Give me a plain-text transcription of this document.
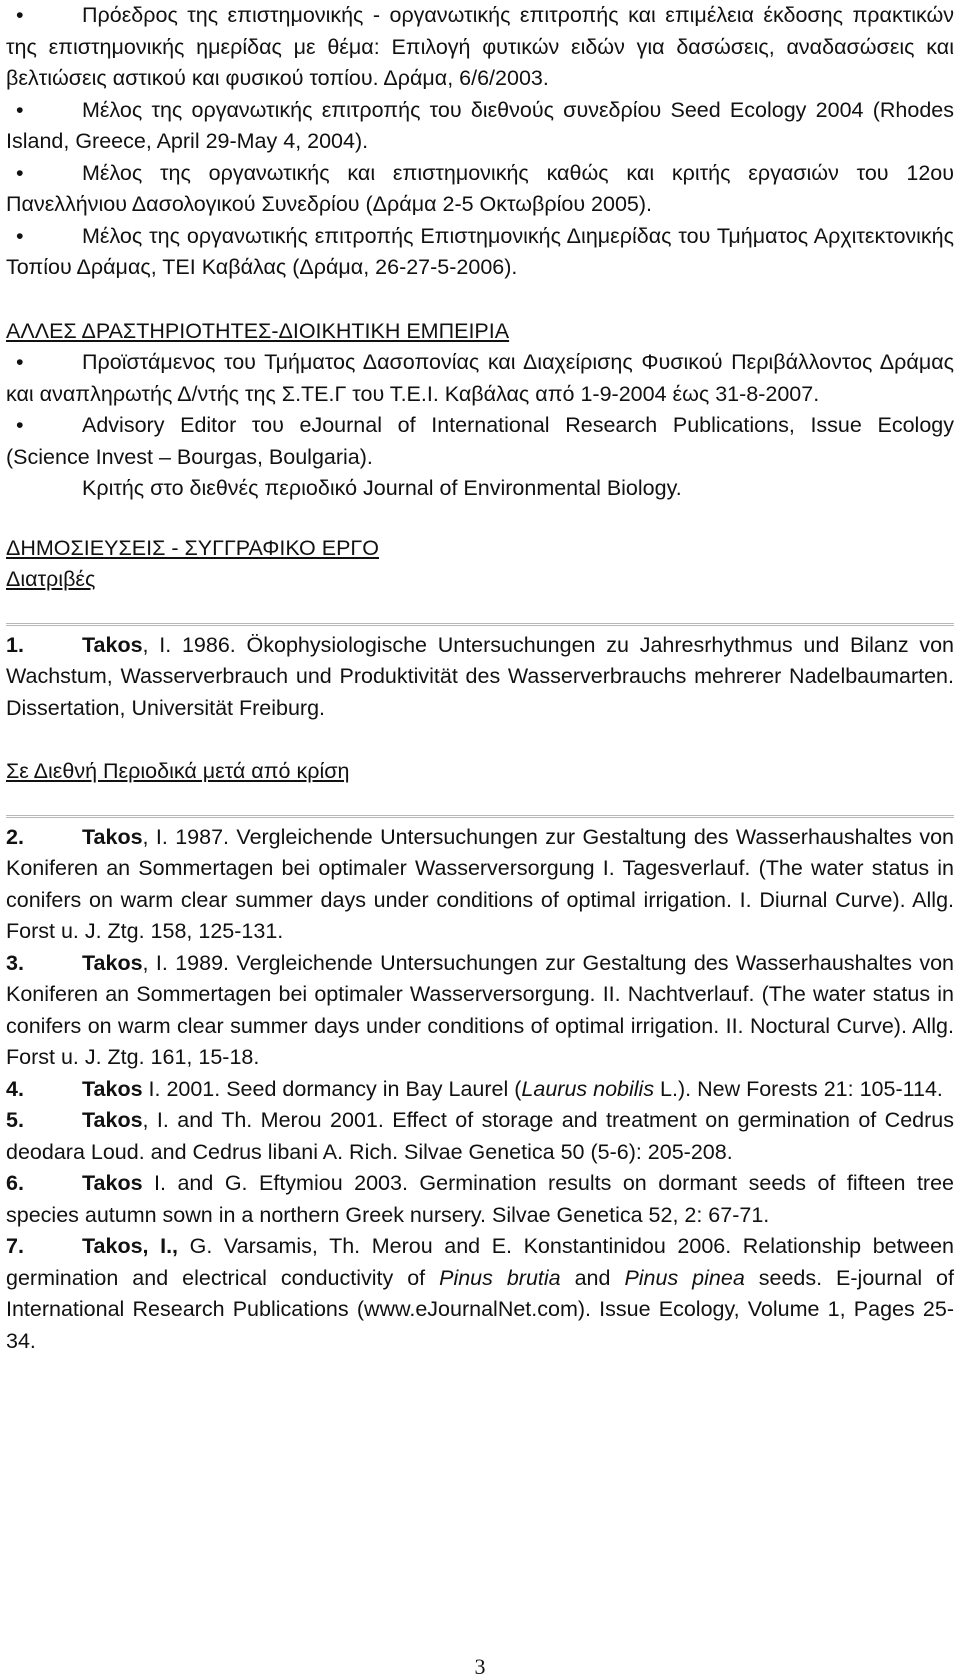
•	Πρόεδρος της επιστημονικής - οργανωτικής επιτροπής και επιμέλεια έκδοσης πρακτικών της επιστημονικής ημερίδας με θέμα: Επιλογή φυτικών ειδών για δασώσεις, αναδασώσεις και βελτιώσεις αστικού και φυσικού τοπίου. Δράμα, 6/6/2003.

•	Μέλος της οργανωτικής επιτροπής του διεθνούς συνεδρίου Seed Ecology 2004 (Rhodes Island, Greece, April 29-May 4, 2004).

•	Μέλος της οργανωτικής και επιστημονικής καθώς και κριτής εργασιών του 12ου Πανελλήνιου Δασολογικού Συνεδρίου (Δράμα 2-5 Οκτωβρίου 2005).

•	Μέλος της οργανωτικής επιτροπής Επιστημονικής Διημερίδας του Τμήματος Αρχιτεκτονικής Τοπίου Δράμας, ΤΕΙ Καβάλας (Δράμα, 26-27-5-2006).

ΑΛΛΕΣ ΔΡΑΣΤΗΡΙΟΤΗΤΕΣ-ΔΙΟΙΚΗΤΙΚΗ ΕΜΠΕΙΡΙΑ

•	Προϊστάμενος του Τμήματος Δασοπονίας και Διαχείρισης Φυσικού Περιβάλλοντος Δράμας και αναπληρωτής Δ/ντής της Σ.ΤΕ.Γ του Τ.Ε.Ι. Καβάλας από 1-9-2004 έως 31-8-2007.

•	Advisory Editor του eJournal of International Research Publications, Issue Ecology (Science Invest – Bourgas, Boulgaria).

Κριτής στο διεθνές περιοδικό Journal of Environmental Biology.

ΔΗΜΟΣΙΕΥΣΕΙΣ - ΣΥΓΓΡΑΦΙΚΟ ΕΡΓΟ

Διατριβές

1.	Takos, I. 1986. Ökophysiologische Untersuchungen zu Jahresrhythmus und Bilanz von Wachstum, Wasserverbrauch und Produktivität des Wasserverbrauchs mehrerer Nadelbaumarten. Dissertation, Universität Freiburg.

Σε Διεθνή Περιοδικά μετά από κρίση

2.	Takos, I. 1987. Vergleichende Untersuchungen zur Gestaltung des Wasserhaushaltes von Koniferen an Sommertagen bei optimaler Wasserversorgung I. Tagesverlauf. (The water status in conifers on warm clear summer days under conditions of optimal irrigation. I. Diurnal Curve). Allg. Forst u. J. Ztg. 158, 125-131.

3.	Takos, I. 1989. Vergleichende Untersuchungen zur Gestaltung des Wasserhaushaltes von Koniferen an Sommertagen bei optimaler Wasserversorgung. II. Nachtverlauf. (The water status in conifers on warm clear summer days under conditions of optimal irrigation. II. Noctural Curve). Allg. Forst u. J. Ztg. 161, 15-18.

4.	Takos I. 2001. Seed dormancy in Bay Laurel (Laurus nobilis L.). New Forests 21: 105-114.

5.	Takos, I. and Th. Merou 2001. Effect of storage and treatment on germination of Cedrus deodara Loud. and Cedrus libani A. Rich. Silvae Genetica 50 (5-6): 205-208.

6.	Takos I. and G. Eftymiou 2003. Germination results on dormant seeds of fifteen tree species autumn sown in a northern Greek nursery. Silvae Genetica 52, 2: 67-71.

7.	Takos, I., G. Varsamis, Th. Merou and E. Konstantinidou 2006. Relationship between germination and electrical conductivity of Pinus brutia and Pinus pinea seeds. E-journal of International Research Publications (www.eJournalNet.com). Issue Ecology, Volume 1, Pages 25-34.

3
